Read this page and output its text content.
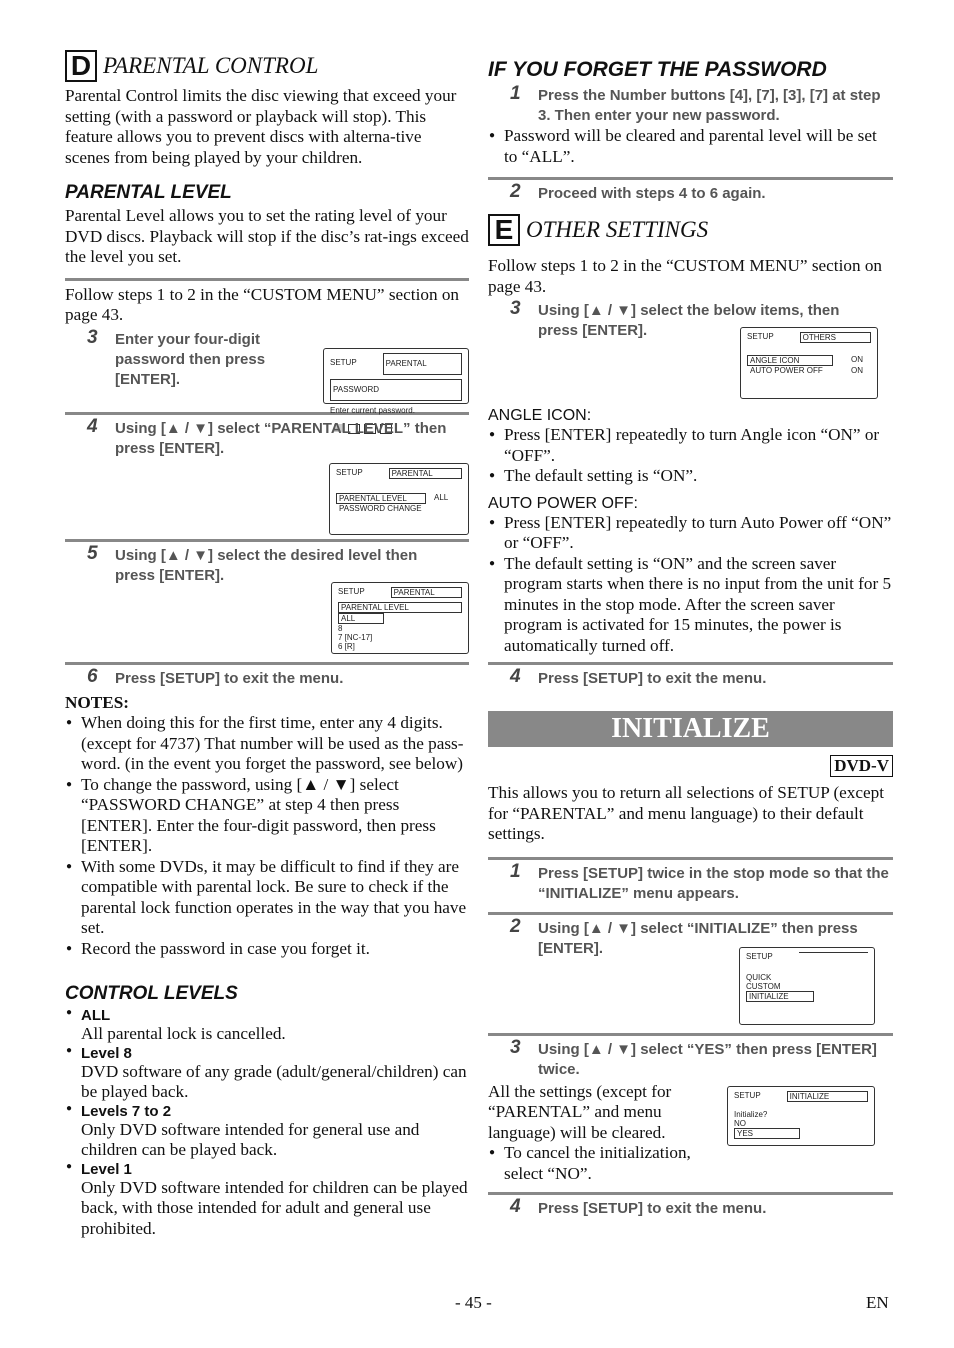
D PARENTAL CONTROL
Parental Control limits the disc viewing that exceed your setting (with a password or playback will stop). This feature allows you to prevent discs with alterna-tive scenes from being played by your children.
PARENTAL LEVEL
Parental Level allows you to set the rating level of your DVD discs. Playback will stop if the disc’s rat-ings exceed the level you set.
Follow steps 1 to 2 in the “CUSTOM MENU” section on page 43.
3 Enter your four-digit password then press [ENTER].
SETUP	PARENTAL
PASSWORD
Enter current password.
4 Using [▲ / ▼] select “PARENTAL LEVEL” then press [ENTER].
SETUP	PARENTAL
PARENTAL LEVEL	ALL
PASSWORD CHANGE
5 Using [▲ / ▼] select the desired level then press [ENTER].
SETUP	PARENTAL
PARENTAL LEVEL
ALL
8
7 [NC-17]
6 [R]
6 Press [SETUP] to exit the menu.
NOTES:
● When doing this for the first time, enter any 4 digits. (except for 4737) That number will be used as the pass-word. (in the event you forget the password, see below)
● To change the password, using [▲ / ▼] select “PASSWORD CHANGE” at step 4 then press [ENTER]. Enter the four-digit password, then press [ENTER].
● With some DVDs, it may be difficult to find if they are compatible with parental lock. Be sure to check if the parental lock function operates in the way that you have set.
● Record the password in case you forget it.
CONTROL LEVELS
● ALL
All parental lock is cancelled.
● Level 8
DVD software of any grade (adult/general/children) can be played back.
● Levels 7 to 2
Only DVD software intended for general use and children can be played back.
● Level 1
Only DVD software intended for children can be played back, with those intended for adult and general use prohibited.
IF YOU FORGET THE PASSWORD
1 Press the Number buttons [4], [7], [3], [7] at step 3. Then enter your new password.
● Password will be cleared and parental level will be set to “ALL”.
2 Proceed with steps 4 to 6 again.
E OTHER SETTINGS
Follow steps 1 to 2 in the “CUSTOM MENU” section on page 43.
3 Using [▲ / ▼] select the below items, then press [ENTER].	SETUP	OTHERS
ANGLE ICON	ON
AUTO POWER OFF	ON
ANGLE ICON:
● Press [ENTER] repeatedly to turn Angle icon “ON” or “OFF”.
● The default setting is “ON”.
AUTO POWER OFF:
● Press [ENTER] repeatedly to turn Auto Power off “ON” or “OFF”.
● The default setting is “ON” and the screen saver program starts when there is no input from the unit for 5 minutes in the stop mode. After the screen saver program is activated for 15 minutes, the power is automatically turned off.
4 Press [SETUP] to exit the menu.
INITIALIZE
DVD-V
This allows you to return all selections of SETUP (except for “PARENTAL” and menu language) to their default settings.
1 Press [SETUP] twice in the stop mode so that the “INITIALIZE” menu appears.
2 Using [▲ / ▼] select “INITIALIZE” then press [ENTER].	SETUP
QUICK
CUSTOM
INITIALIZE
3 Using [▲ / ▼] select “YES” then press [ENTER] twice.
All the settings (except for “PARENTAL” and menu language) will be cleared.
● To cancel the initialization, select “NO”.
SETUP	INITIALIZE
Initialize?
NO
YES
4 Press [SETUP] to exit the menu.
- 45 -	EN
